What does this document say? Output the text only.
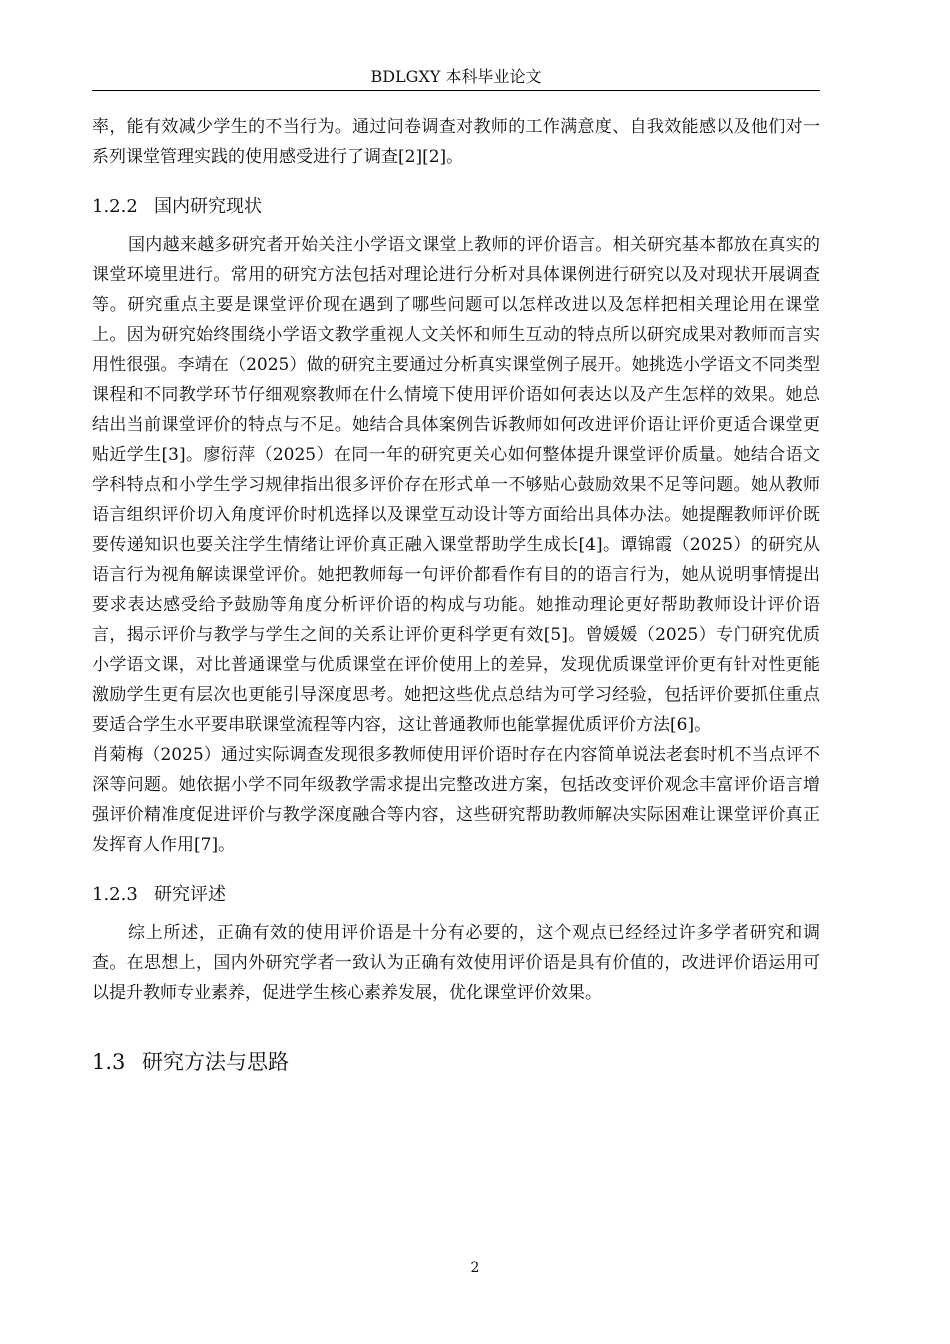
BDLGXY 本科毕业论文

率，能有效减少学生的不当行为。通过问卷调查对教师的工作满意度、自我效能感以及他们对一系列课堂管理实践的使用感受进行了调查[2][2]。

1.2.2 国内研究现状

国内越来越多研究者开始关注小学语文课堂上教师的评价语言。相关研究基本都放在真实的课堂环境里进行。常用的研究方法包括对理论进行分析对具体课例进行研究以及对现状开展调查等。研究重点主要是课堂评价现在遇到了哪些问题可以怎样改进以及怎样把相关理论用在课堂上。因为研究始终围绕小学语文教学重视人文关怀和师生互动的特点所以研究成果对教师而言实用性很强。李靖在（2025）做的研究主要通过分析真实课堂例子展开。她挑选小学语文不同类型课程和不同教学环节仔细观察教师在什么情境下使用评价语如何表达以及产生怎样的效果。她总结出当前课堂评价的特点与不足。她结合具体案例告诉教师如何改进评价语让评价更适合课堂更贴近学生[3]。廖衍萍（2025）在同一年的研究更关心如何整体提升课堂评价质量。她结合语文学科特点和小学生学习规律指出很多评价存在形式单一不够贴心鼓励效果不足等问题。她从教师语言组织评价切入角度评价时机选择以及课堂互动设计等方面给出具体办法。她提醒教师评价既要传递知识也要关注学生情绪让评价真正融入课堂帮助学生成长[4]。谭锦霞（2025）的研究从语言行为视角解读课堂评价。她把教师每一句评价都看作有目的的语言行为，她从说明事情提出要求表达感受给予鼓励等角度分析评价语的构成与功能。她推动理论更好帮助教师设计评价语言，揭示评价与教学与学生之间的关系让评价更科学更有效[5]。曾媛媛（2025）专门研究优质小学语文课，对比普通课堂与优质课堂在评价使用上的差异，发现优质课堂评价更有针对性更能激励学生更有层次也更能引导深度思考。她把这些优点总结为可学习经验，包括评价要抓住重点要适合学生水平要串联课堂流程等内容，这让普通教师也能掌握优质评价方法[6]。

肖菊梅（2025）通过实际调查发现很多教师使用评价语时存在内容简单说法老套时机不当点评不深等问题。她依据小学不同年级教学需求提出完整改进方案，包括改变评价观念丰富评价语言增强评价精准度促进评价与教学深度融合等内容，这些研究帮助教师解决实际困难让课堂评价真正发挥育人作用[7]。

1.2.3 研究评述

综上所述，正确有效的使用评价语是十分有必要的，这个观点已经经过许多学者研究和调查。在思想上，国内外研究学者一致认为正确有效使用评价语是具有价值的，改进评价语运用可以提升教师专业素养，促进学生核心素养发展，优化课堂评价效果。

1.3 研究方法与思路
2
